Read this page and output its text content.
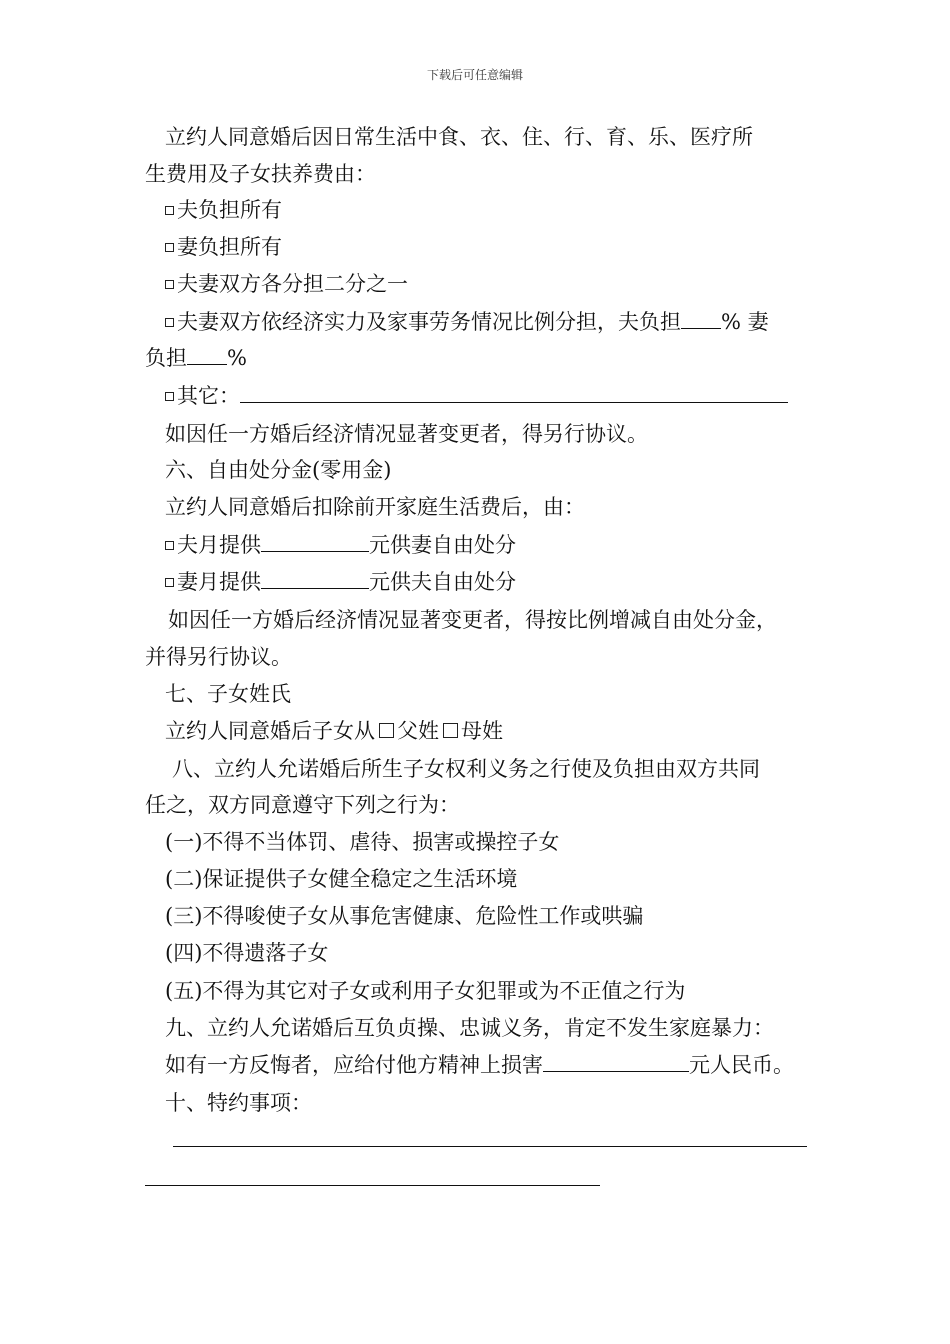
下载后可任意编辑
立约人同意婚后因日常生活中食、衣、住、行、育、乐、医疗所
生费用及子女扶养费由：
夫负担所有
妻负担所有
夫妻双方各分担二分之一
夫妻双方依经济实力及家事劳务情况比例分担，夫负担 % 妻
负担 %
其它：
如因任一方婚后经济情况显著变更者，得另行协议。
六、自由处分金(零用金)
立约人同意婚后扣除前开家庭生活费后，由：
夫月提供	元供妻自由处分
妻月提供	元供夫自由处分
如因任一方婚后经济情况显著变更者，得按比例增减自由处分金，
并得另行协议。
七、子女姓氏
立约人同意婚后子女从 父姓 母姓
八、立约人允诺婚后所生子女权利义务之行使及负担由双方共同
任之，双方同意遵守下列之行为：
(一)不得不当体罚、虐待、损害或操控子女
(二)保证提供子女健全稳定之生活环境
(三)不得唆使子女从事危害健康、危险性工作或哄骗
(四)不得遗落子女
(五)不得为其它对子女或利用子女犯罪或为不正值之行为
九、立约人允诺婚后互负贞操、忠诚义务，肯定不发生家庭暴力：
如有一方反悔者，应给付他方精神上损害	元人民币。
十、特约事项：
